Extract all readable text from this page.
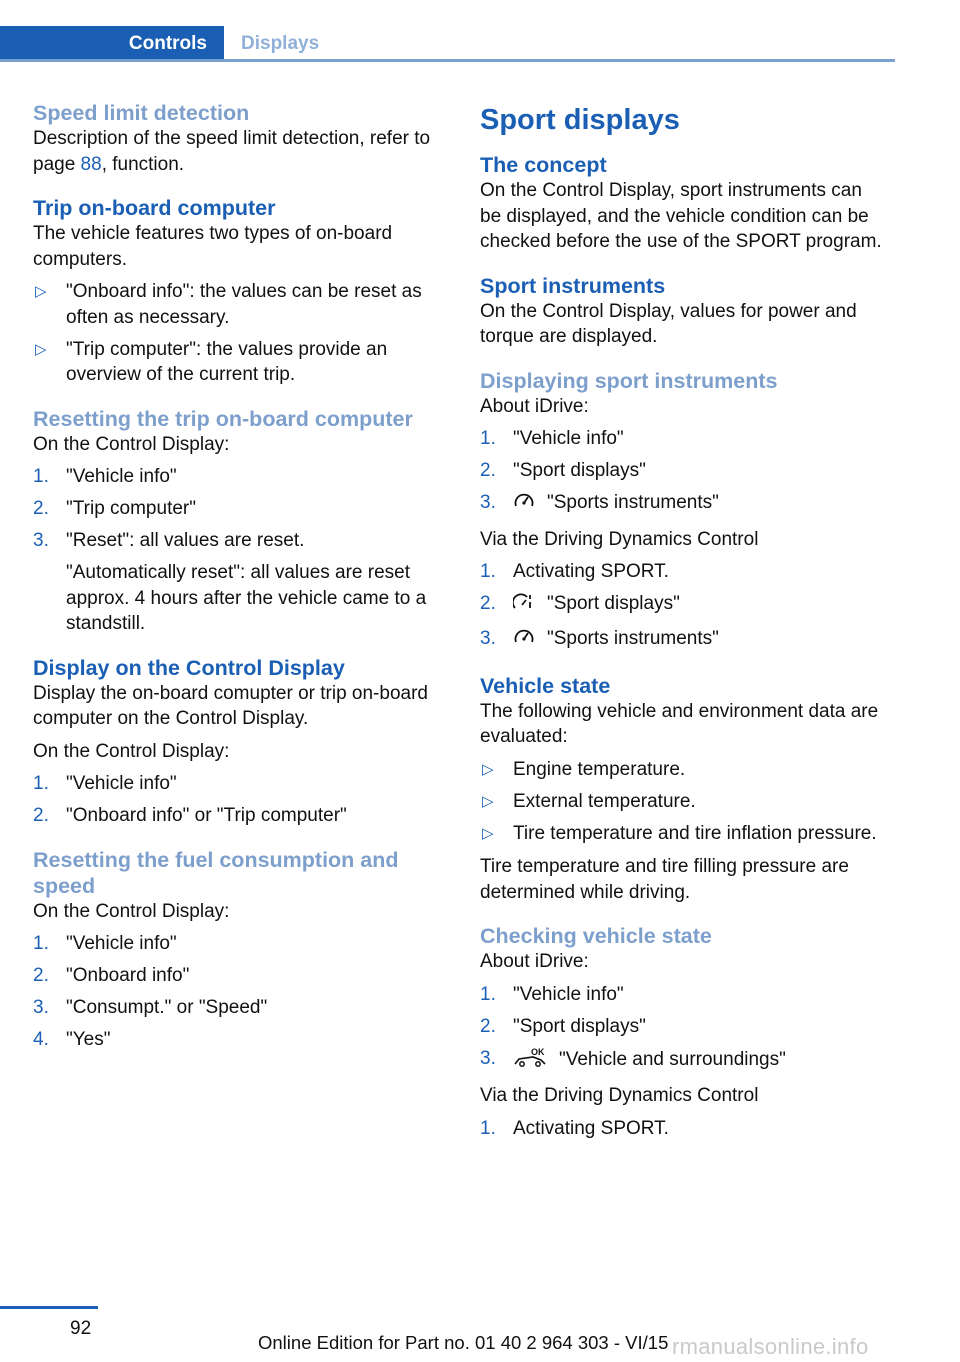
Controls	Displays
Speed limit detection

Description of the speed limit detection, refer to page 88, function.

Trip on-board computer

The vehicle features two types of on-board computers.

▷ "Onboard info": the values can be reset as often as necessary.
▷ "Trip computer": the values provide an overview of the current trip.
Resetting the trip on-board computer

On the Control Display:

1. "Vehicle info"
2. "Trip computer"
3. "Reset": all values are reset.

"Automatically reset": all values are reset approx. 4 hours after the vehicle came to a standstill.

Display on the Control Display

Display the on-board comupter or trip on-board computer on the Control Display.

On the Control Display:

1. "Vehicle info"
2. "Onboard info" or "Trip computer"
Resetting the fuel consumption and speed

On the Control Display:

1. "Vehicle info"
2. "Onboard info"
3. "Consumpt." or "Speed"
4. "Yes"
Sport displays
The concept

On the Control Display, sport instruments can be displayed, and the vehicle condition can be checked before the use of the SPORT program.

Sport instruments

On the Control Display, values for power and torque are displayed.

Displaying sport instruments

About iDrive:

1. "Vehicle info"
2. "Sport displays"
3.	"Sports instruments"

Via the Driving Dynamics Control

1. Activating SPORT.
2.	"Sport displays"
3.	"Sports instruments"
Vehicle state

The following vehicle and environment data are evaluated:

▷ Engine temperature.
▷ External temperature.
▷ Tire temperature and tire inflation pressure.

Tire temperature and tire filling pressure are determined while driving.

Checking vehicle state

About iDrive:

1. "Vehicle info"
2. "Sport displays"
3.	OK "Vehicle and surroundings"

Via the Driving Dynamics Control

1. Activating SPORT.
92
Online Edition for Part no. 01 40 2 964 303 - VI/15 rmanualsonline.info
